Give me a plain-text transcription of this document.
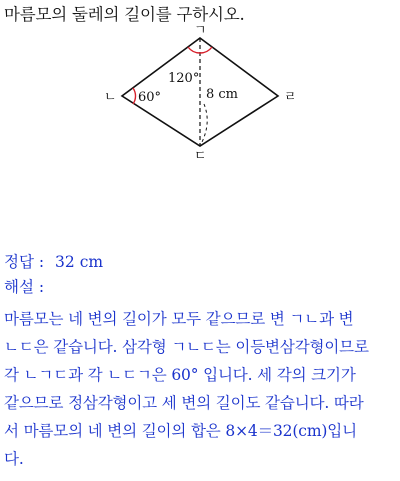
마름모의 둘레의 길이를 구하시오.
ㄱ
ㄴ
ㄷ
ㄹ
120°
60°	8 cm
정답 : 32 cm
해설 :
마름모는 네 변의 길이가 모두 같으므로 변 ㄱㄴ과 변
ㄴㄷ은 같습니다. 삼각형 ㄱㄴㄷ는 이등변삼각형이므로
각 ㄴㄱㄷ과 각 ㄴㄷㄱ은 60° 입니다. 세 각의 크기가
같으므로 정삼각형이고 세 변의 길이도 같습니다. 따라
서 마름모의 네 변의 길이의 합은 8×4＝32(cm)입니
다.
